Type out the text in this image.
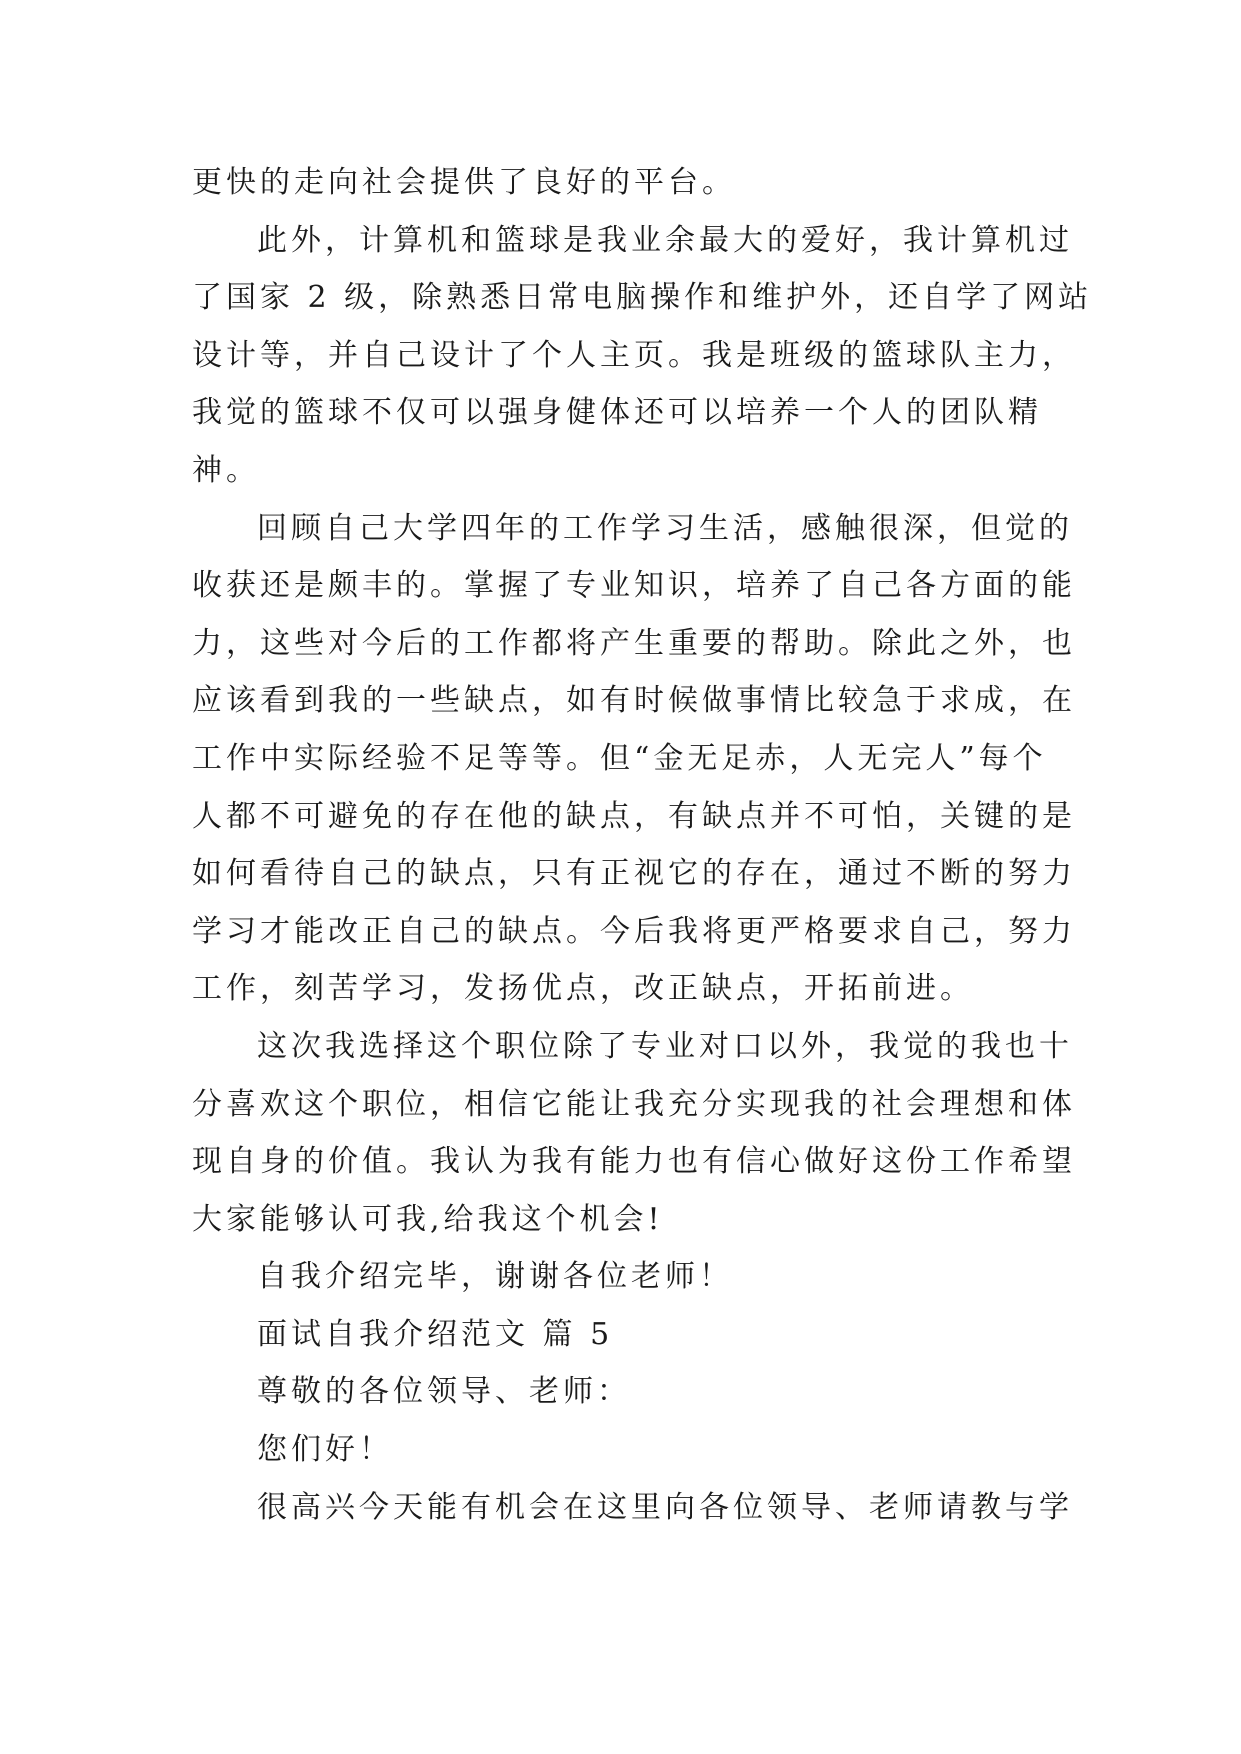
更快的走向社会提供了良好的平台。
此外，计算机和篮球是我业余最大的爱好，我计算机过
了国家 2 级，除熟悉日常电脑操作和维护外，还自学了网站
设计等，并自己设计了个人主页。我是班级的篮球队主力，
我觉的篮球不仅可以强身健体还可以培养一个人的团队精
神。
回顾自己大学四年的工作学习生活，感触很深，但觉的
收获还是颇丰的。掌握了专业知识，培养了自己各方面的能
力，这些对今后的工作都将产生重要的帮助。除此之外，也
应该看到我的一些缺点，如有时候做事情比较急于求成，在
工作中实际经验不足等等。但“金无足赤，人无完人”每个
人都不可避免的存在他的缺点，有缺点并不可怕，关键的是
如何看待自己的缺点，只有正视它的存在，通过不断的努力
学习才能改正自己的缺点。今后我将更严格要求自己，努力
工作，刻苦学习，发扬优点，改正缺点，开拓前进。
这次我选择这个职位除了专业对口以外，我觉的我也十
分喜欢这个职位，相信它能让我充分实现我的社会理想和体
现自身的价值。我认为我有能力也有信心做好这份工作希望
大家能够认可我,给我这个机会!
自我介绍完毕，谢谢各位老师！
面试自我介绍范文 篇 5
尊敬的各位领导、老师：
您们好！
很高兴今天能有机会在这里向各位领导、老师请教与学
